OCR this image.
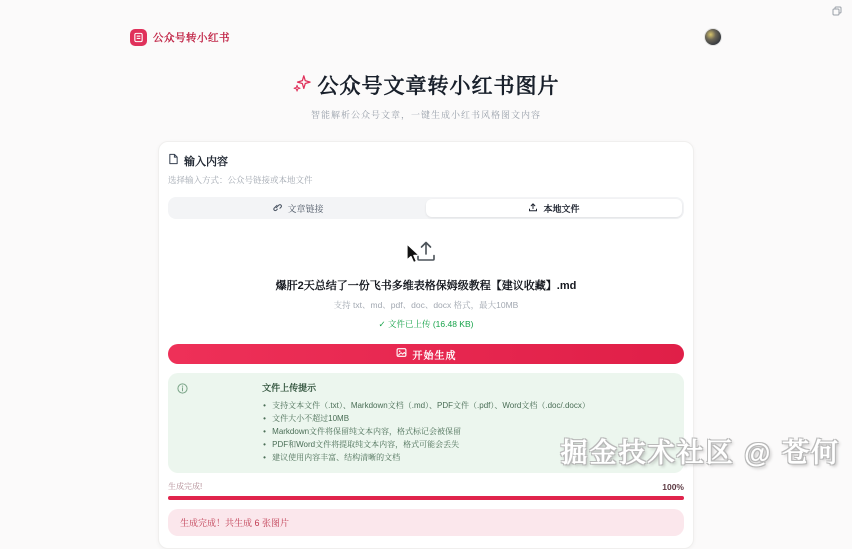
公众号转小红书
公众号文章转小红书图片

智能解析公众号文章，一键生成小红书风格图文内容

输入内容
选择输入方式：公众号链接或本地文件
文章链接	本地文件
爆肝2天总结了一份飞书多维表格保姆级教程【建议收藏】.md
支持 txt、md、pdf、doc、docx 格式，最大10MB
✓ 文件已上传 (16.48 KB)
开始生成
文件上传提示
• 支持文本文件（.txt）、Markdown文档（.md）、PDF文件（.pdf）、Word文档（.doc/.docx）
• 文件大小不超过10MB
• Markdown文件将保留纯文本内容，格式标记会被保留
• PDF和Word文件将提取纯文本内容，格式可能会丢失
• 建议使用内容丰富、结构清晰的文档
生成完成!	100%
生成完成！共生成 6 张图片
掘金技术社区 @ 苍何
